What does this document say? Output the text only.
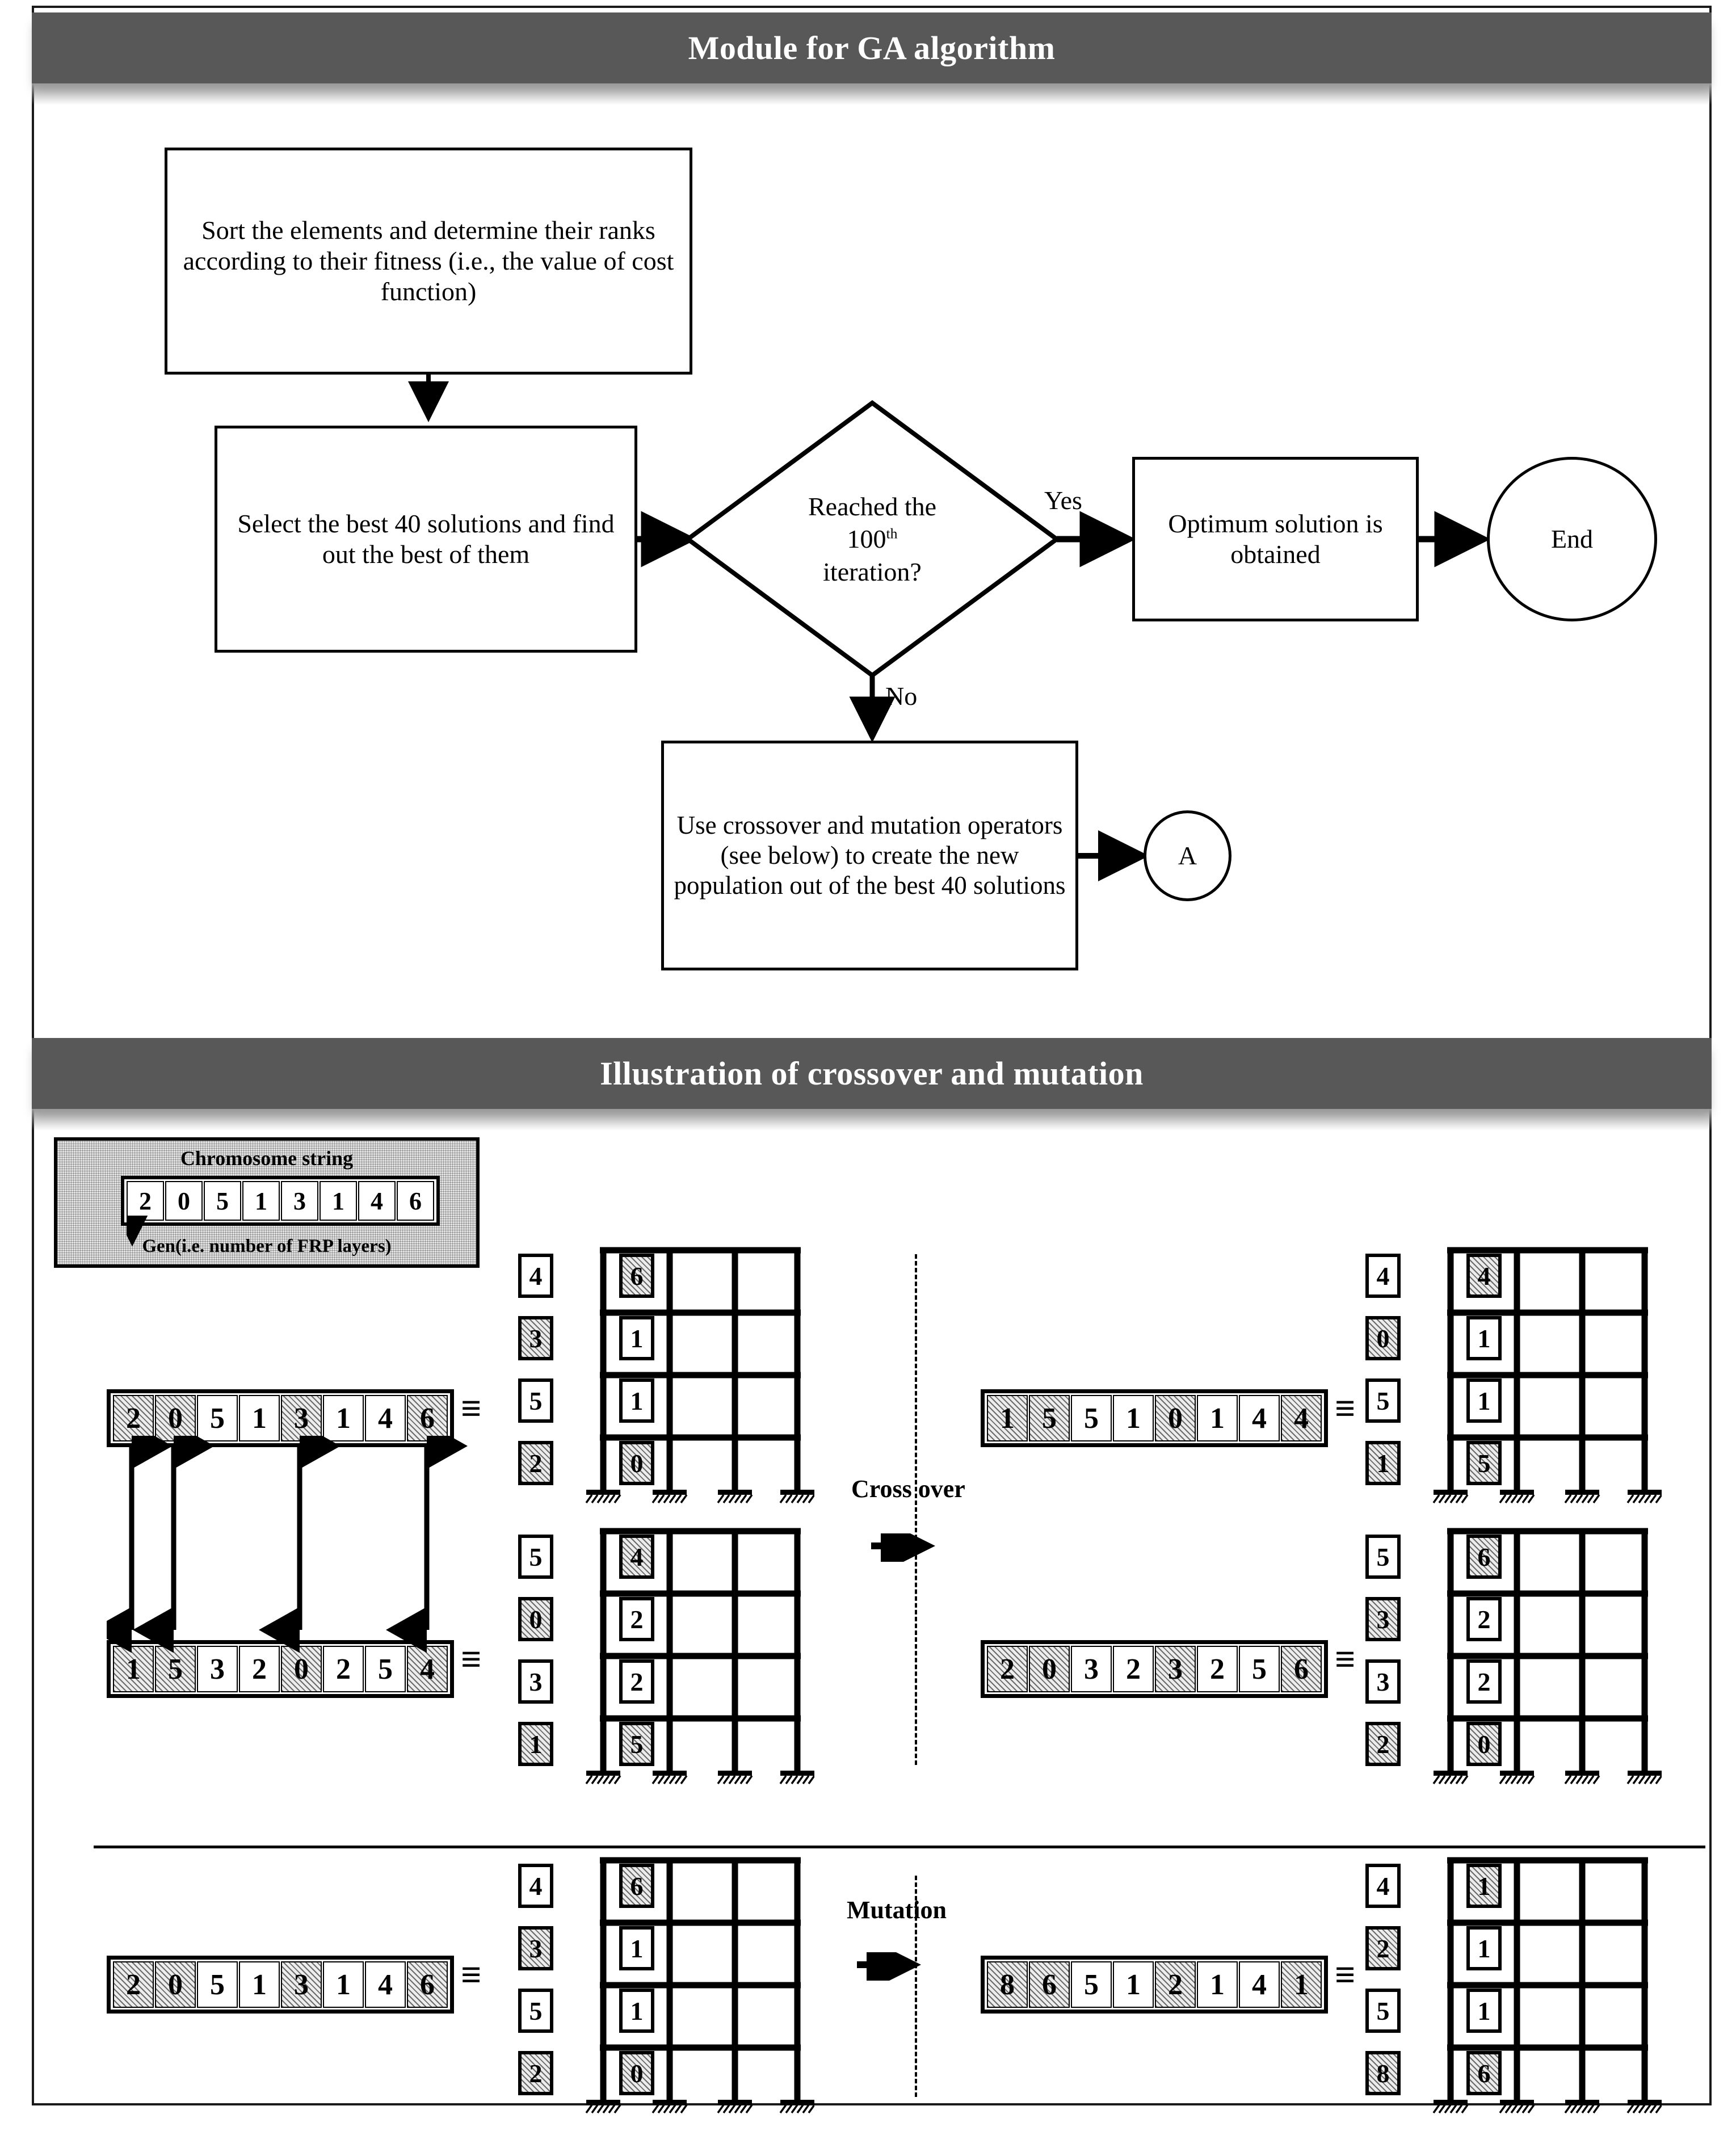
Module for GA algorithm
Sort the elements and determine their ranks according to their fitness (i.e., the value of cost function)
Select the best 40 solutions and find out the best of them
Reached the
100th
iteration?
Yes
No
Optimum solution is obtained
End
Use crossover and mutation operators (see below) to create the new population out of the best 40 solutions
A
Illustration of crossover and mutation
Chromosome string
2	0	5	1	3	1	4	6
Gen(i.e. number of FRP layers)
2 0 5 1 3 1 4 6 ≡
1 5 3 2 0 2 5 4 ≡
4
3
5
2
6
1
1
0
5
0
3
1
4
2
2
5
Cross over
1 5 5 1 0 1 4 4 ≡
2 0 3 2 3 2 5 6 ≡
4
0
5
1
4
1
1
5
5
3
3
2
6
2
2
0
2 0 5 1 3 1 4 6 ≡
4
3
5
2
6
1
1
0
Mutation
8 6 5 1 2 1 4 1 ≡
4
2
5
8
1
1
1
6
